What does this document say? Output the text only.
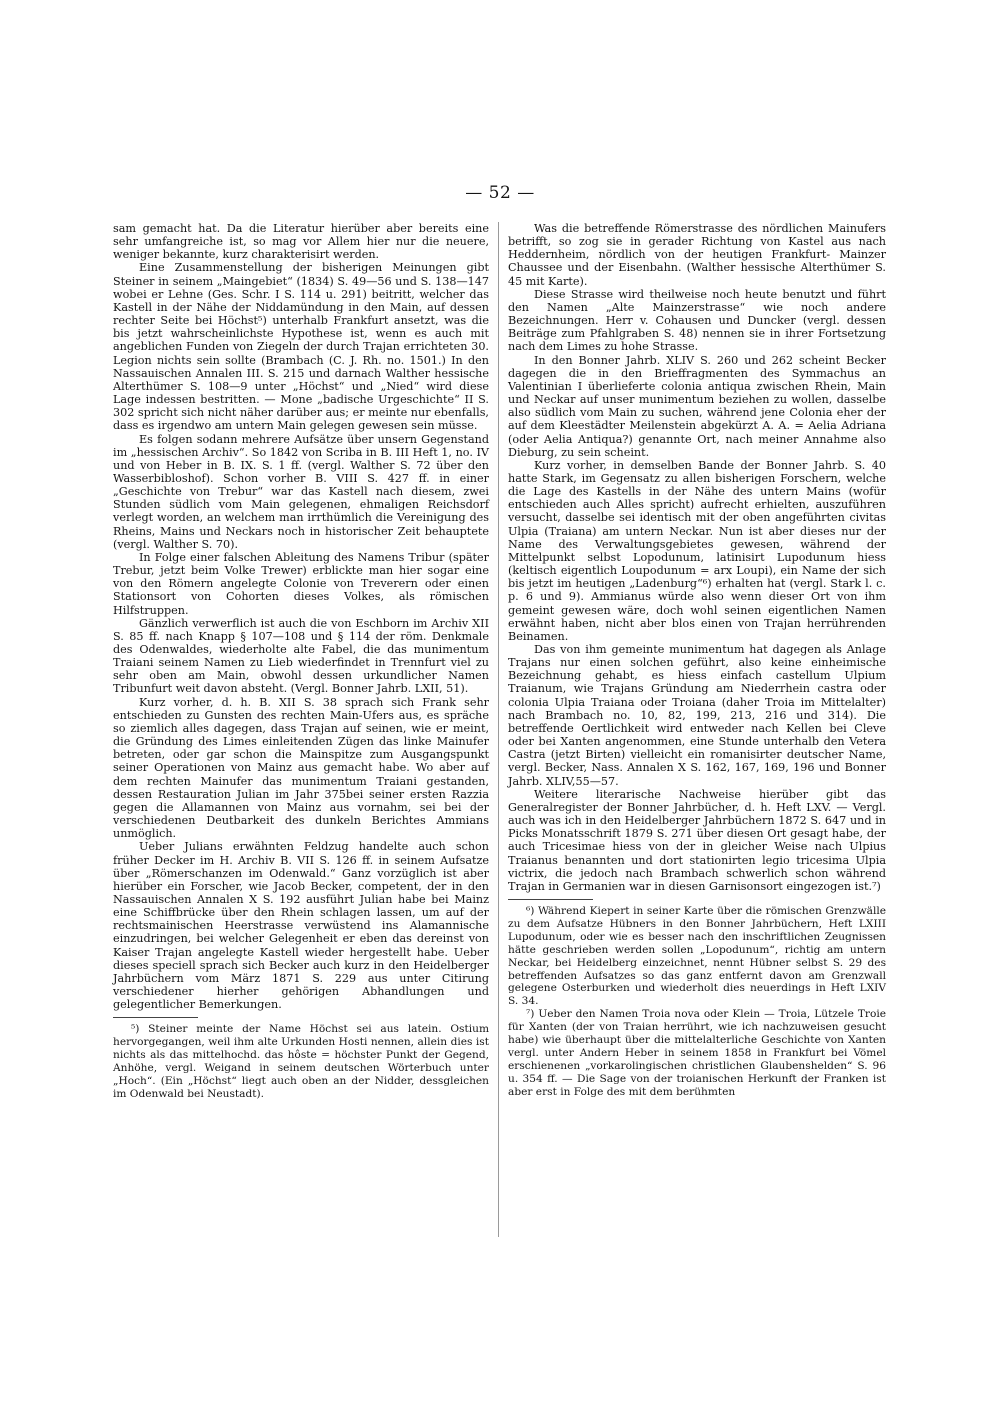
— 52 —

sam gemacht hat. Da die Literatur hierüber aber bereits eine sehr umfangreiche ist, so mag vor Allem hier nur die neuere, weniger bekannte, kurz charakterisirt werden.

Eine Zusammenstellung der bisherigen Meinungen gibt Steiner in seinem „Maingebiet“ (1834) S. 49—56 und S. 138—147 wobei er Lehne (Ges. Schr. I S. 114 u. 291) beitritt, welcher das Kastell in der Nähe der Niddamündung in den Main, auf dessen rechter Seite bei Höchst⁵) unterhalb Frankfurt ansetzt, was die bis jetzt wahrscheinlichste Hypothese ist, wenn es auch mit angeblichen Funden von Ziegeln der durch Trajan errichteten 30. Legion nichts sein sollte (Brambach (C. J. Rh. no. 1501.) In den Nassauischen Annalen III. S. 215 und darnach Walther hessische Alterthümer S. 108—9 unter „Höchst“ und „Nied“ wird diese Lage indessen bestritten. — Mone „badische Urgeschichte“ II S. 302 spricht sich nicht näher darüber aus; er meinte nur ebenfalls, dass es irgendwo am untern Main gelegen gewesen sein müsse.

Es folgen sodann mehrere Aufsätze über unsern Gegenstand im „hessischen Archiv“. So 1842 von Scriba in B. III Heft 1, no. IV und von Heber in B. IX. S. 1 ff. (vergl. Walther S. 72 über den Wasserbibloshof). Schon vorher B. VIII S. 427 ff. in einer „Geschichte von Trebur“ war das Kastell nach diesem, zwei Stunden südlich vom Main gelegenen, ehmaligen Reichsdorf verlegt worden, an welchem man irrthümlich die Vereinigung des Rheins, Mains und Neckars noch in historischer Zeit behauptete (vergl. Walther S. 70).

In Folge einer falschen Ableitung des Namens Tribur (später Trebur, jetzt beim Volke Trewer) erblickte man hier sogar eine von den Römern angelegte Colonie von Treverern oder einen Stationsort von Cohorten dieses Volkes, als römischen Hilfstruppen.

Gänzlich verwerflich ist auch die von Eschborn im Archiv XII S. 85 ff. nach Knapp § 107—108 und § 114 der röm. Denkmale des Odenwaldes, wiederholte alte Fabel, die das munimentum Traiani seinem Namen zu Lieb wiederfindet in Trennfurt viel zu sehr oben am Main, obwohl dessen urkundlicher Namen Tribunfurt weit davon absteht. (Vergl. Bonner Jahrb. LXII, 51).

Kurz vorher, d. h. B. XII S. 38 sprach sich Frank sehr entschieden zu Gunsten des rechten Main-Ufers aus, es spräche so ziemlich alles dagegen, dass Trajan auf seinen, wie er meint, die Gründung des Limes einleitenden Zügen das linke Mainufer betreten, oder gar schon die Mainspitze zum Ausgangspunkt seiner Operationen von Mainz aus gemacht habe. Wo aber auf dem rechten Mainufer das munimentum Traiani gestanden, dessen Restauration Julian im Jahr 375bei seiner ersten Razzia gegen die Allamannen von Mainz aus vornahm, sei bei der verschiedenen Deutbarkeit des dunkeln Berichtes Ammians unmöglich.

Ueber Julians erwähnten Feldzug handelte auch schon früher Decker im H. Archiv B. VII S. 126 ff. in seinem Aufsatze über „Römerschanzen im Odenwald.“ Ganz vorzüglich ist aber hierüber ein Forscher, wie Jacob Becker, competent, der in den Nassauischen Annalen X S. 192 ausführt Julian habe bei Mainz eine Schiffbrücke über den Rhein schlagen lassen, um auf der rechtsmainischen Heerstrasse verwüstend ins Alamannische einzudringen, bei welcher Gelegenheit er eben das dereinst von Kaiser Trajan angelegte Kastell wieder hergestellt habe. Ueber dieses speciell sprach sich Becker auch kurz in den Heidelberger Jahrbüchern vom März 1871 S. 229 aus unter Citirung verschiedener hierher gehörigen Abhandlungen und gelegentlicher Bemerkungen.

⁵) Steiner meinte der Name Höchst sei aus latein. Ostium hervorgegangen, weil ihm alte Urkunden Hosti nennen, allein dies ist nichts als das mittelhochd. das hôste = höchster Punkt der Gegend, Anhöhe, vergl. Weigand in seinem deutschen Wörterbuch unter „Hoch“. (Ein „Höchst“ liegt auch oben an der Nidder, dessgleichen im Odenwald bei Neustadt).

Was die betreffende Römerstrasse des nördlichen Mainufers betrifft, so zog sie in gerader Richtung von Kastel aus nach Heddernheim, nördlich von der heutigen Frankfurt- Mainzer Chaussee und der Eisenbahn. (Walther hessische Alterthümer S. 45 mit Karte).

Diese Strasse wird theilweise noch heute benutzt und führt den Namen „Alte Mainzerstrasse“ wie noch andere Bezeichnungen. Herr v. Cohausen und Duncker (vergl. dessen Beiträge zum Pfahlgraben S. 48) nennen sie in ihrer Fortsetzung nach dem Limes zu hohe Strasse.

In den Bonner Jahrb. XLIV S. 260 und 262 scheint Becker dagegen die in den Brieffragmenten des Symmachus an Valentinian I überlieferte colonia antiqua zwischen Rhein, Main und Neckar auf unser munimentum beziehen zu wollen, dasselbe also südlich vom Main zu suchen, während jene Colonia eher der auf dem Kleestädter Meilenstein abgekürzt A. A. = Aelia Adriana (oder Aelia Antiqua?) genannte Ort, nach meiner Annahme also Dieburg, zu sein scheint.

Kurz vorher, in demselben Bande der Bonner Jahrb. S. 40 hatte Stark, im Gegensatz zu allen bisherigen Forschern, welche die Lage des Kastells in der Nähe des untern Mains (wofür entschieden auch Alles spricht) aufrecht erhielten, auszuführen versucht, dasselbe sei identisch mit der oben angeführten civitas Ulpia (Traiana) am untern Neckar. Nun ist aber dieses nur der Name des Verwaltungsgebietes gewesen, während der Mittelpunkt selbst Lopodunum, latinisirt Lupodunum hiess (keltisch eigentlich Loupodunum = arx Loupi), ein Name der sich bis jetzt im heutigen „Ladenburg“⁶) erhalten hat (vergl. Stark l. c. p. 6 und 9). Ammianus würde also wenn dieser Ort von ihm gemeint gewesen wäre, doch wohl seinen eigentlichen Namen erwähnt haben, nicht aber blos einen von Trajan herrührenden Beinamen.

Das von ihm gemeinte munimentum hat dagegen als Anlage Trajans nur einen solchen geführt, also keine einheimische Bezeichnung gehabt, es hiess einfach castellum Ulpium Traianum, wie Trajans Gründung am Niederrhein castra oder colonia Ulpia Traiana oder Troiana (daher Troia im Mittelalter) nach Brambach no. 10, 82, 199, 213, 216 und 314). Die betreffende Oertlichkeit wird entweder nach Kellen bei Cleve oder bei Xanten angenommen, eine Stunde unterhalb den Vetera Castra (jetzt Birten) vielleicht ein romanisirter deutscher Name, vergl. Becker, Nass. Annalen X S. 162, 167, 169, 196 und Bonner Jahrb. XLIV,55—57.

Weitere literarische Nachweise hierüber gibt das Generalregister der Bonner Jahrbücher, d. h. Heft LXV. — Vergl. auch was ich in den Heidelberger Jahrbüchern 1872 S. 647 und in Picks Monatsschrift 1879 S. 271 über diesen Ort gesagt habe, der auch Tricesimae hiess von der in gleicher Weise nach Ulpius Traianus benannten und dort stationirten legio tricesima Ulpia victrix, die jedoch nach Brambach schwerlich schon während Trajan in Germanien war in diesen Garnisonsort eingezogen ist.⁷)

⁶) Während Kiepert in seiner Karte über die römischen Grenzwälle zu dem Aufsatze Hübners in den Bonner Jahrbüchern, Heft LXIII Lupodunum, oder wie es besser nach den inschriftlichen Zeugnissen hätte geschrieben werden sollen „Lopodunum“, richtig am untern Neckar, bei Heidelberg einzeichnet, nennt Hübner selbst S. 29 des betreffenden Aufsatzes so das ganz entfernt davon am Grenzwall gelegene Osterburken und wiederholt dies neuerdings in Heft LXIV S. 34.

⁷) Ueber den Namen Troia nova oder Klein — Troia, Lützele Troie für Xanten (der von Traian herrührt, wie ich nachzuweisen gesucht habe) wie überhaupt über die mittelalterliche Geschichte von Xanten vergl. unter Andern Heber in seinem 1858 in Frankfurt bei Vömel erschienenen „vorkarolingischen christlichen Glaubenshelden“ S. 96 u. 354 ff. — Die Sage von der troianischen Herkunft der Franken ist aber erst in Folge des mit dem berühmten
